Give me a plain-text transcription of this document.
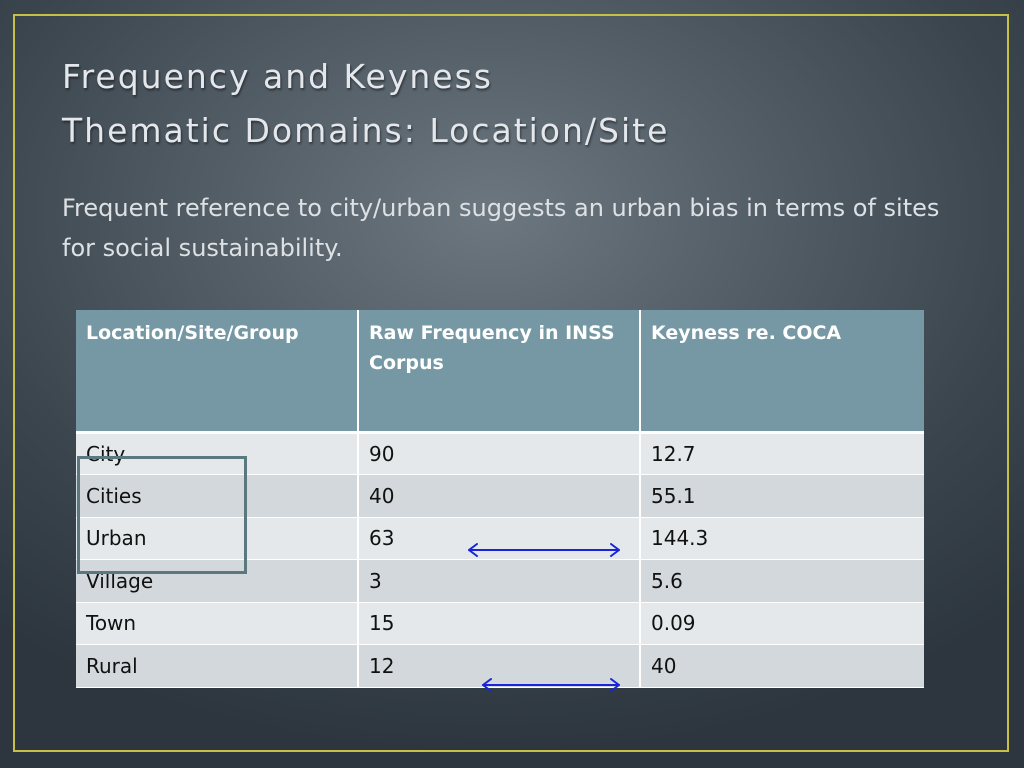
Frequency and Keyness
Thematic Domains: Location/Site

Frequent reference to city/urban suggests an urban bias in terms of sites for social sustainability.

Location/Site/Group	Raw Frequency in INSS Corpus	Keyness re. COCA
City	90	12.7
Cities	40	55.1
Urban	63	144.3
Village	3	5.6
Town	15	0.09
Rural	12	40
